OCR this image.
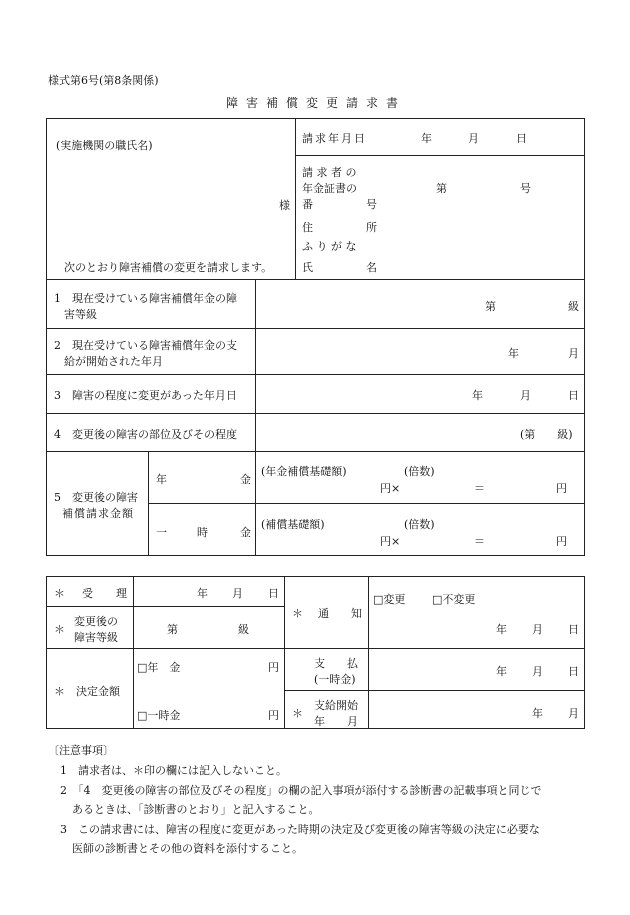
様式第6号(第8条関係)
障害補償変更請求書
(実施機関の職氏名)
様
次のとおり障害補償の変更を請求します。
請求年月日	年	月	日
請 求 者 の
年金証書の
番	号
第	号
住	所
ふ り が な
氏	名
1　現在受けている障害補償年金の障
害等級
第	級
2　現在受けている障害補償年金の支
給が開始された年月
年	月
3　障害の程度に変更があった年月日	年	月	日
4　変更後の障害の部位及びその程度	(第　　級)
5　変更後の障害
補償請求金額
年	金
一	時	金
(年金補償基礎額)	(倍数)
円×	＝	円
(補償基礎額)	(倍数)
円×	＝	円
＊ 受 理	年 月 日
＊
変更後の
障害等級
第	級
＊ 決定金額
□ 年　金	円
□ 一時金	円
＊ 通 知
□ 変更
□	不変更
年 月 日
支　　払
(一時金)
年 月 日
＊
支給開始
年　　月
年 月
〔注意事項〕
1　請求者は、＊印の欄には記入しないこと。
2　「4　変更後の障害の部位及びその程度」の欄の記入事項が添付する診断書の記載事項と同じで
あるときは、「診断書のとおり」と記入すること。
3　この請求書には、障害の程度に変更があった時期の決定及び変更後の障害等級の決定に必要な
医師の診断書とその他の資料を添付すること。
